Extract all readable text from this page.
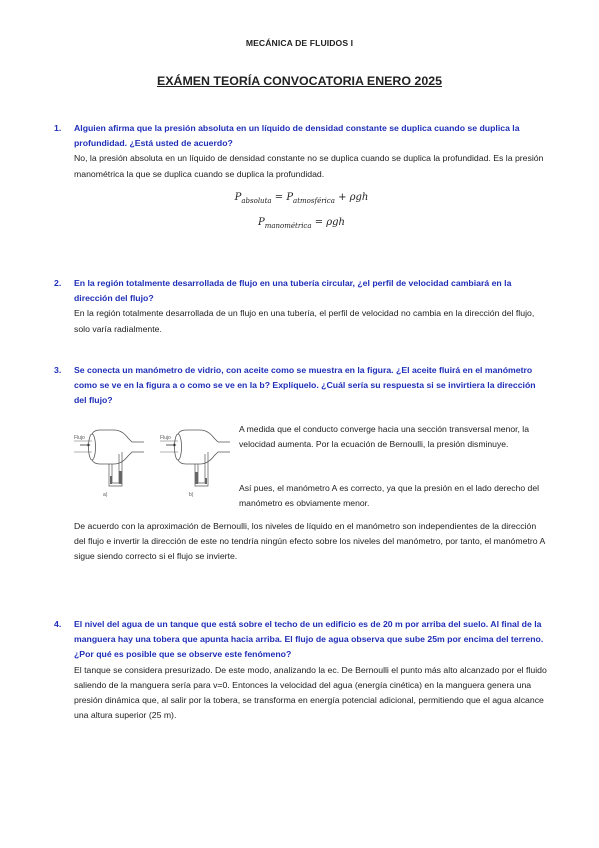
MECÁNICA DE FLUIDOS I
EXÁMEN TEORÍA CONVOCATORIA ENERO 2025
1.	Alguien afirma que la presión absoluta en un líquido de densidad constante se duplica cuando se duplica la profundidad. ¿Está usted de acuerdo?
No, la presión absoluta en un líquido de densidad constante no se duplica cuando se duplica la profundidad. Es la presión manométrica la que se duplica cuando se duplica la profundidad.
$P_{absoluta} = P_{atmosférica} + \rho gh$
$P_{manométrica} = \rho gh$
2.	En la región totalmente desarrollada de flujo en una tubería circular, ¿el perfil de velocidad cambiará en la dirección del flujo?
En la región totalmente desarrollada de un flujo en una tubería, el perfil de velocidad no cambia en la dirección del flujo, solo varía radialmente.
3.	Se conecta un manómetro de vidrio, con aceite como se muestra en la figura. ¿El aceite fluirá en el manómetro como se ve en la figura a o como se ve en la b? Explíquelo. ¿Cuál sería su respuesta si se invirtiera la dirección del flujo?
Flujo
a)
Flujo
b)
A medida que el conducto converge hacia una sección transversal menor, la velocidad aumenta. Por la ecuación de Bernoulli, la presión disminuye.
Así pues, el manómetro A es correcto, ya que la presión en el lado derecho del manómetro es obviamente menor.
De acuerdo con la aproximación de Bernoulli, los niveles de líquido en el manómetro son independientes de la dirección del flujo e invertir la dirección de este no tendría ningún efecto sobre los niveles del manómetro, por tanto, el manómetro A sigue siendo correcto si el flujo se invierte.
4.	El nivel del agua de un tanque que está sobre el techo de un edificio es de 20 m por arriba del suelo. Al final de la manguera hay una tobera que apunta hacia arriba. El flujo de agua observa que sube 25m por encima del terreno. ¿Por qué es posible que se observe este fenómeno?
El tanque se considera presurizado. De este modo, analizando la ec. De Bernoulli el punto más alto alcanzado por el fluido saliendo de la manguera sería para v=0. Entonces la velocidad del agua (energía cinética) en la manguera genera una presión dinámica que, al salir por la tobera, se transforma en energía potencial adicional, permitiendo que el agua alcance una altura superior (25 m).
